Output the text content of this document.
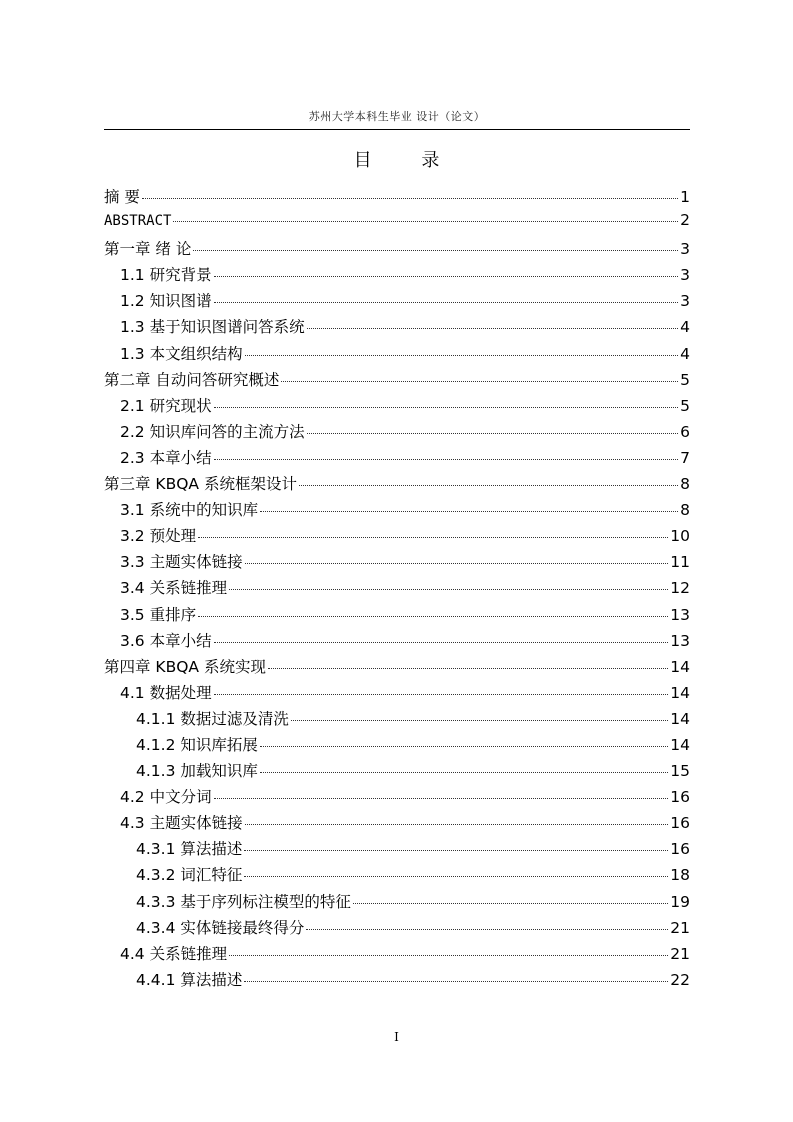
苏州大学本科生毕业 设计（论文）
目 录
摘 要	1
ABSTRACT	2
第一章 绪 论	3
1.1 研究背景	3
1.2 知识图谱	3
1.3 基于知识图谱问答系统	4
1.3 本文组织结构	4
第二章 自动问答研究概述	5
2.1 研究现状	5
2.2 知识库问答的主流方法	6
2.3 本章小结	7
第三章 KBQA 系统框架设计	8
3.1 系统中的知识库	8
3.2 预处理	10
3.3 主题实体链接	11
3.4 关系链推理	12
3.5 重排序	13
3.6 本章小结	13
第四章 KBQA 系统实现	14
4.1 数据处理	14
4.1.1 数据过滤及清洗	14
4.1.2 知识库拓展	14
4.1.3 加载知识库	15
4.2 中文分词	16
4.3 主题实体链接	16
4.3.1 算法描述	16
4.3.2 词汇特征	18
4.3.3 基于序列标注模型的特征	19
4.3.4 实体链接最终得分	21
4.4 关系链推理	21
4.4.1 算法描述	22
I
